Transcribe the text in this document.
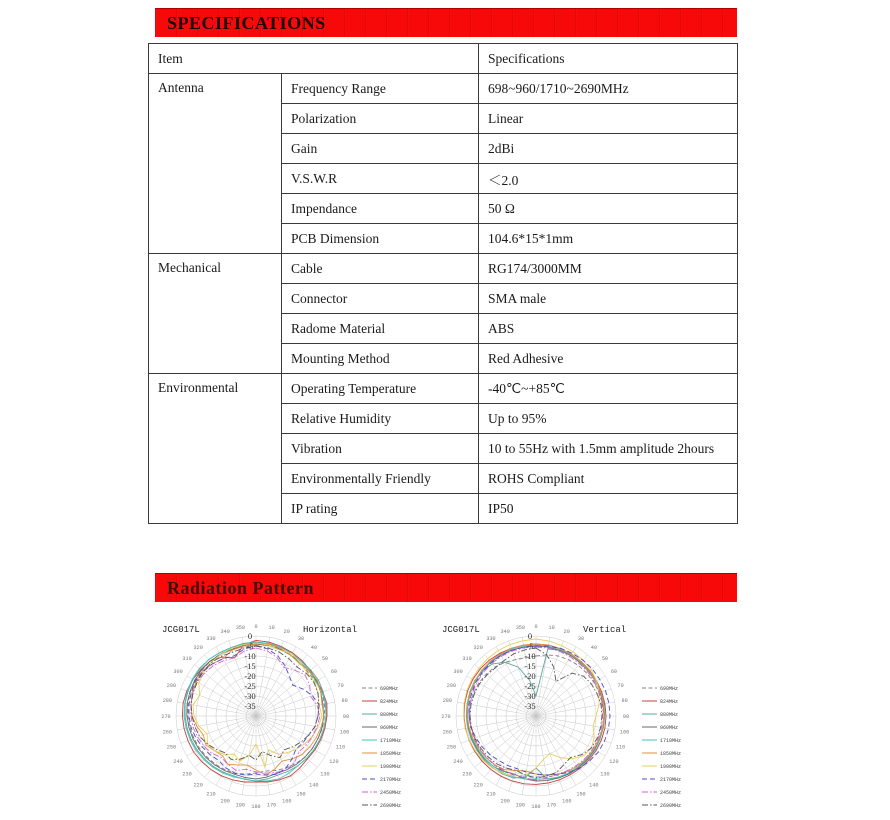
SPECIFICATIONS
Item		Specifications
Antenna	Frequency Range	698~960/1710~2690MHz
	Polarization	Linear
	Gain	2dBi
	V.S.W.R	＜2.0
	Impendance	50 Ω
	PCB Dimension	104.6*15*1mm
Mechanical	Cable	RG174/3000MM
	Connector	SMA male
	Radome Material	ABS
	Mounting Method	Red Adhesive
Environmental	Operating Temperature	-40℃~+85℃
	Relative Humidity	Up to 95%
	Vibration	10 to 55Hz with 1.5mm amplitude 2hours
	Environmentally Friendly	ROHS Compliant
	IP rating	IP50
Radiation Pattern
0 10
20
30
40
50
60
70
80
90
100
110
120
130
140
150
160
170
180
190
200
210
220
230
240
250
260
270
280
290
300
310
320
330
340
350
0
-5
-10
-15
-20
-25
-30
-35
JCG017L	Horizontal
698MHz
824MHz
880MHz
960MHz
1710MHz
1850MHz
1990MHz
2170MHz
2450MHz
2690MHz
0 10
20
30
40
50
60
70
80
90
100
110
120
130
140
150
160
170
180
190
200
210
220
230
240
250
260
270
280
290
300
310
320
330
340
350
0
-5
-10
-15
-20
-25
-30
-35
JCG017L	Vertical
698MHz
824MHz
880MHz
960MHz
1710MHz
1850MHz
1990MHz
2170MHz
2450MHz
2690MHz
